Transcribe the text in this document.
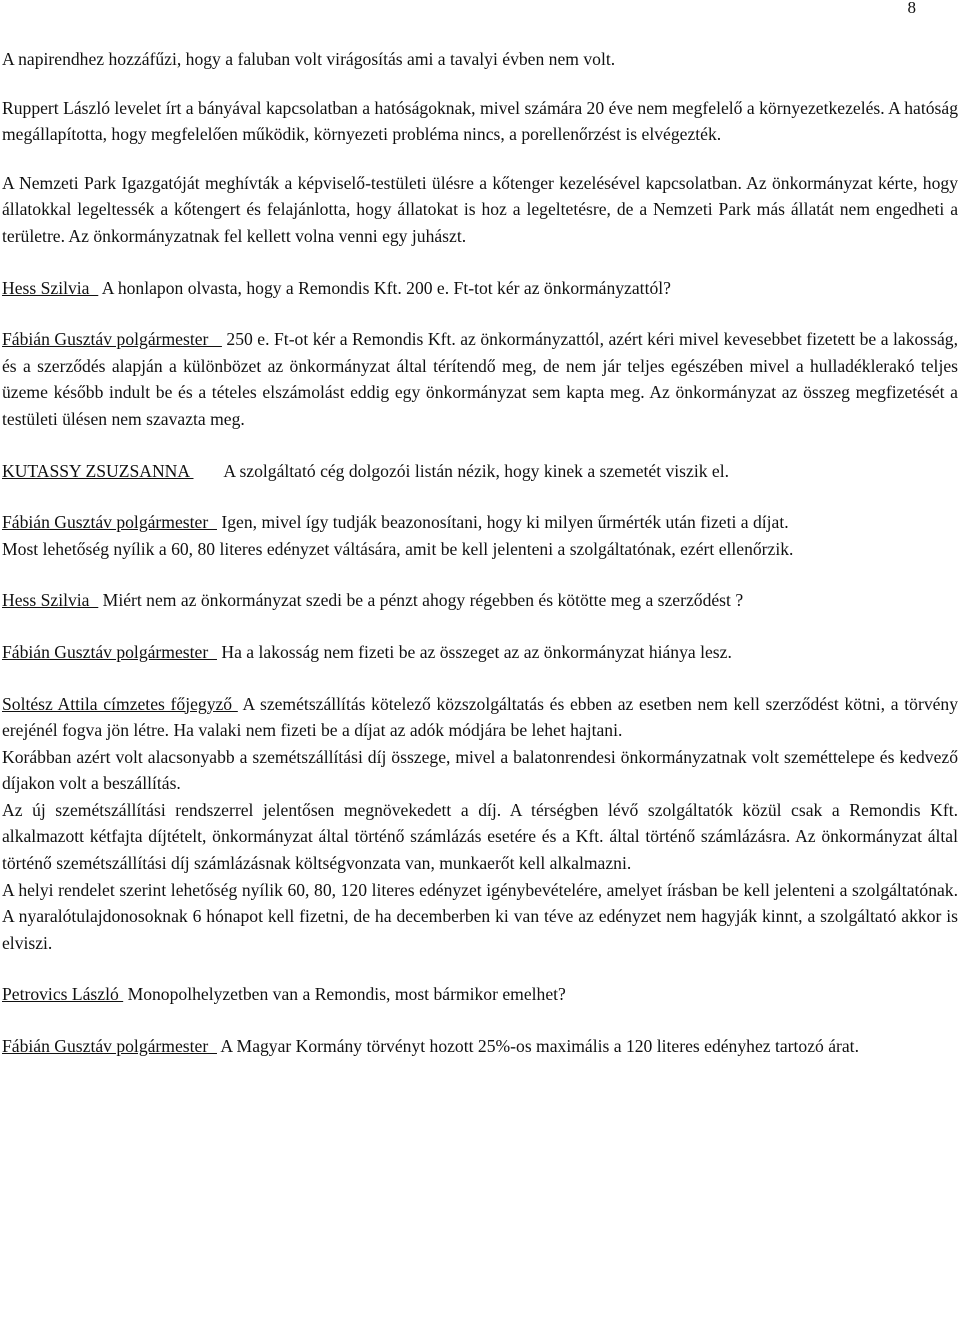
8

A napirendhez hozzáfűzi, hogy a faluban volt virágosítás ami a tavalyi évben nem volt.

Ruppert László levelet írt a bányával kapcsolatban a hatóságoknak, mivel számára 20 éve nem megfelelő a környezetkezelés. A hatóság megállapította, hogy megfelelően működik, környezeti probléma nincs, a porellenőrzést is elvégezték.

A Nemzeti Park Igazgatóját meghívták a képviselő-testületi ülésre a kőtenger kezelésével kapcsolatban. Az önkormányzat kérte, hogy állatokkal legeltessék a kőtengert és felajánlotta, hogy állatokat is hoz a legeltetésre, de a Nemzeti Park más állatát nem engedheti a területre. Az önkormányzatnak fel kellett volna venni egy juhászt.

Hess Szilvia   A honlapon olvasta, hogy a Remondis Kft. 200 e. Ft-tot kér az önkormányzattól?

Fábián Gusztáv polgármester    250 e. Ft-ot kér a Remondis Kft. az önkormányzattól, azért kéri mivel kevesebbet fizetett be a lakosság, és a szerződés alapján a különbözet az önkormányzat által térítendő meg, de nem jár teljes egészében mivel a hulladéklerakó teljes üzeme később indult be és a tételes elszámolást eddig egy önkormányzat sem kapta meg. Az önkormányzat az összeg megfizetését a testületi ülésen nem szavazta meg.

KUTASSY ZSUZSANNA        A szolgáltató cég dolgozói listán nézik, hogy kinek a szemetét viszik el.

Fábián Gusztáv polgármester   Igen, mivel így tudják beazonosítani, hogy ki milyen űrmérték után fizeti a díjat.

Most lehetőség nyílik a 60, 80 literes edényzet váltására, amit be kell jelenteni a szolgáltatónak, ezért ellenőrzik.

Hess Szilvia   Miért nem az önkormányzat szedi be a pénzt ahogy régebben és kötötte meg a szerződést ?

Fábián Gusztáv polgármester   Ha a lakosság nem fizeti be az összeget az az önkormányzat hiánya lesz.

Soltész Attila címzetes főjegyző  A szemétszállítás kötelező közszolgáltatás és ebben az esetben nem kell szerződést kötni, a törvény erejénél fogva jön létre. Ha valaki nem fizeti be a díjat az adók módjára be lehet hajtani.

Korábban azért volt alacsonyabb a szemétszállítási díj összege, mivel a balatonrendesi önkormányzatnak volt szeméttelepe és kedvező díjakon volt a beszállítás.

Az új szemétszállítási rendszerrel jelentősen megnövekedett a díj. A térségben lévő szolgáltatók közül csak a Remondis Kft. alkalmazott kétfajta díjtételt, önkormányzat által történő számlázás esetére és a Kft. által történő számlázásra. Az önkormányzat által történő szemétszállítási díj számlázásnak költségvonzata van, munkaerőt kell alkalmazni.

A helyi rendelet szerint lehetőség nyílik 60, 80, 120 literes edényzet igénybevételére, amelyet írásban be kell jelenteni a szolgáltatónak. A nyaralótulajdonosoknak 6 hónapot kell fizetni, de ha decemberben ki van téve az edényzet nem hagyják kinnt, a szolgáltató akkor is elviszi.

Petrovics László  Monopolhelyzetben van a Remondis, most bármikor emelhet?

Fábián Gusztáv polgármester   A Magyar Kormány törvényt hozott 25%-os maximális a 120 literes edényhez tartozó árat.
